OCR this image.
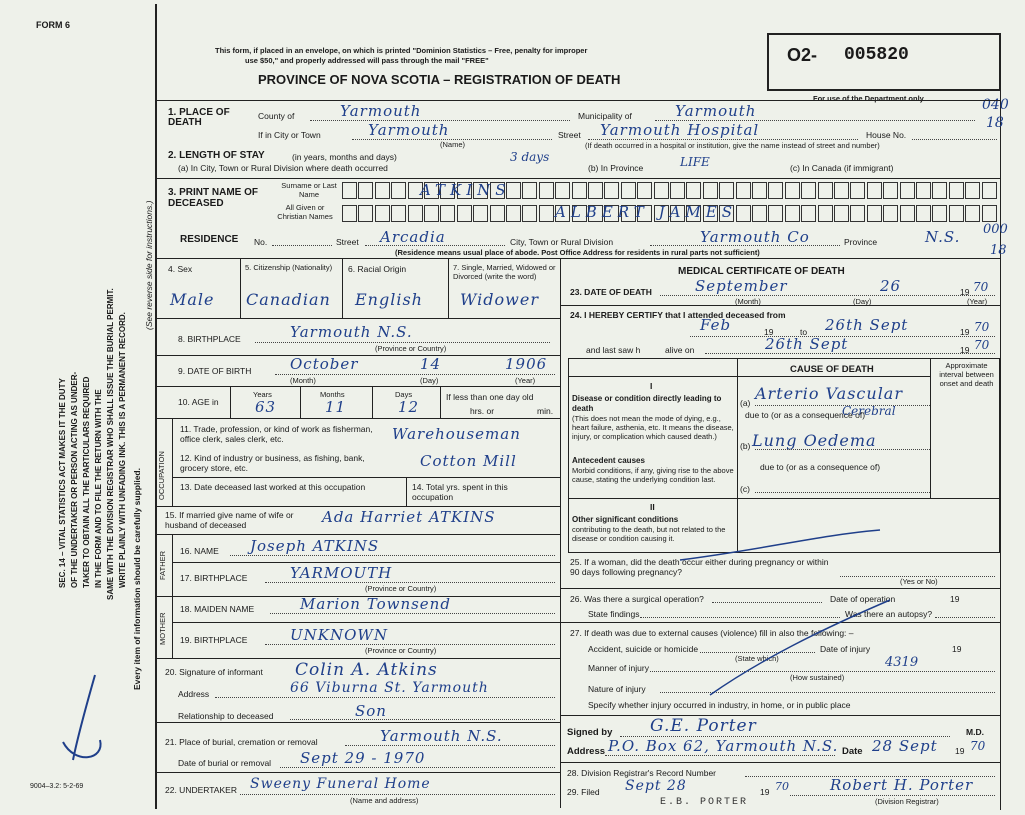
FORM 6
SEC. 14 – VITAL STATISTICS ACT MAKES IT THE DUTY OF THE UNDERTAKER OR PERSON ACTING AS UNDER- TAKER TO OBTAIN ALL THE PARTICULARS REQUIRED IN THE FORM AND TO FILE THE RETURN WITH THE SAME WITH THE DIVISION REGISTRAR WHO SHALL ISSUE THE BURIAL PERMIT. WRITE PLAINLY WITH UNFADING INK. THIS IS A PERMANENT RECORD. Every item of information should be carefully supplied.
(See reverse side for instructions.)
9004–3.2: 5-2-69
This form, if placed in an envelope, on which is printed "Dominion Statistics – Free, penalty for improper
use $50," and properly addressed will pass through the mail "FREE"
PROVINCE OF NOVA SCOTIA – REGISTRATION OF DEATH
O2- 005820
For use of the Department only	040
18
1. PLACE OF DEATH
County of	Yarmouth	Municipality of	Yarmouth
If in City or Town	Yarmouth
(Name)
Street Yarmouth Hospital	House No.
(If death occurred in a hospital or institution, give the name instead of street and number)
2. LENGTH OF STAY	(in years, months and days)
(a) In City, Town or Rural Division where death occurred
3 days
(b) In Province	LIFE	(c) In Canada (if immigrant)
3. PRINT NAME OF DECEASED
Surname or Last Name
All Given or Christian Names
ATKINS
ALBERT JAMES
RESIDENCE No.	Street Arcadia	City, Town or Rural Division	Yarmouth Co	Province	N.S. 000
18
(Residence means usual place of abode. Post Office Address for residents in rural parts not sufficient)
4. Sex	5. Citizenship (Nationality)	6. Racial Origin	7. Single, Married, Widowed or Divorced (write the word)
Male Canadian English Widower
8. BIRTHPLACE	Yarmouth N.S.
(Province or Country)
9. DATE OF BIRTH	October	14	1906
(Month)	(Day)	(Year)
10. AGE in
Years	Months	Days
63	11	12
If less than one day old
hrs. or	min.
OCCUPATION
11. Trade, profession, or kind of work as fisherman, office clerk, sales clerk, etc.	Warehouseman
12. Kind of industry or business, as fishing, bank, grocery store, etc.	Cotton Mill
13. Date deceased last worked at this occupation	14. Total yrs. spent in this occupation
15. If married give name of wife or husband of deceased	Ada Harriet ATKINS
FATHER 16. NAME Joseph ATKINS
17. BIRTHPLACE	YARMOUTH
(Province or Country)
MOTHER
18. MAIDEN NAME	Marion Townsend
19. BIRTHPLACE	UNKNOWN
(Province or Country)
20. Signature of informant Colin A. Atkins
Address	66 Viburna St. Yarmouth
Relationship to deceased	Son
21. Place of burial, cremation or removal	Yarmouth N.S.
Date of burial or removal Sept 29 - 1970
22. UNDERTAKER Sweeny Funeral Home
(Name and address)
MEDICAL CERTIFICATE OF DEATH
23. DATE OF DEATH	September	26	19 70
(Month)	(Day)	(Year)
24. I HEREBY CERTIFY that I attended deceased from
Feb	19	to 26th Sept	19 70
and last saw h	alive on	26th Sept	19 70
CAUSE OF DEATH	Approximate interval between onset and death
I
Disease or condition directly leading to death
(This does not mean the mode of dying, e.g., heart failure, asthenia, etc. It means the disease, injury, or complication which caused death.)
(a) Arterio Vascular
due to (or as a consequence of)
Cerebral
(b) Lung Oedema
Antecedent causes
Morbid conditions, if any, giving rise to the above cause, stating the underlying condition last.
due to (or as a consequence of)
(c)
II
Other significant conditions
contributing to the death, but not related to the disease or condition causing it.
25. If a woman, did the death occur either during pregnancy or within 90 days following pregnancy?
(Yes or No)
26. Was there a surgical operation?	Date of operation	19
State findings	Was there an autopsy?
27. If death was due to external causes (violence) fill in also the following: –
Accident, suicide or homicide	Date of injury	19
(State which)
Manner of injury	4319
(How sustained)
Nature of injury
Specify whether injury occurred in industry, in home, or in public place
Signed by G.E. Porter	M.D.
Address P.O. Box 62, Yarmouth N.S. Date 28 Sept 19 70
28. Division Registrar's Record Number
29. Filed Sept 28	19 70	Robert H. Porter
(Division Registrar)
E.B. PORTER
